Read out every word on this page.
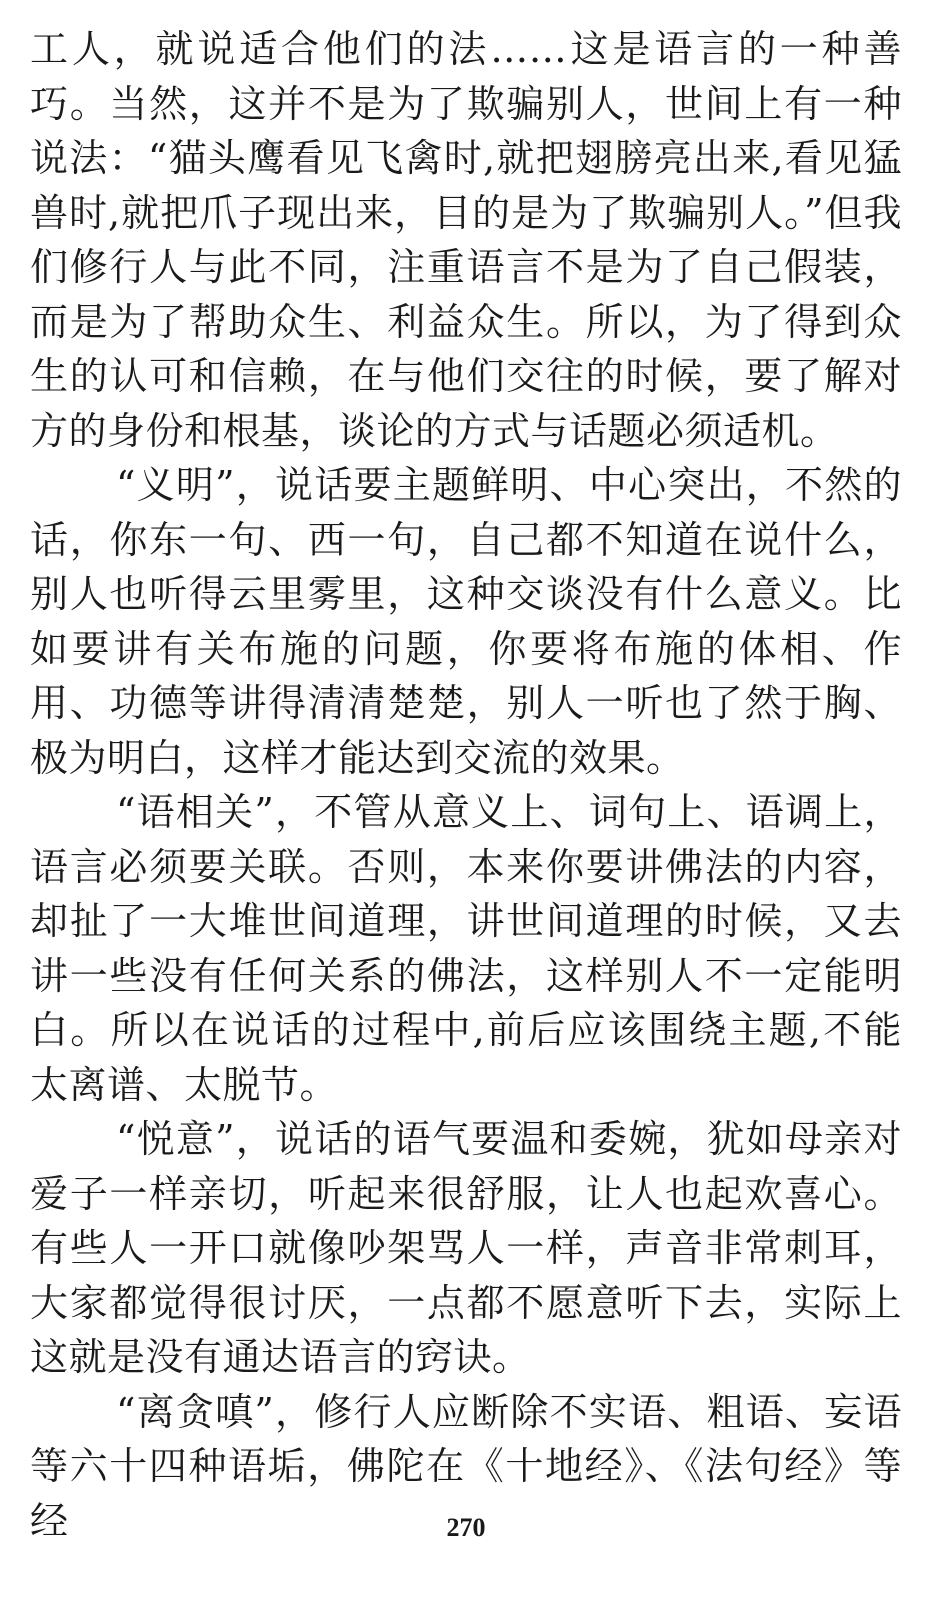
工人，就说适合他们的法……这是语言的一种善巧。当然，这并不是为了欺骗别人，世间上有一种说法：“猫头鹰看见飞禽时,就把翅膀亮出来,看见猛兽时,就把爪子现出来，目的是为了欺骗别人。”但我们修行人与此不同，注重语言不是为了自己假装，而是为了帮助众生、利益众生。所以，为了得到众生的认可和信赖，在与他们交往的时候，要了解对方的身份和根基，谈论的方式与话题必须适机。

“义明”，说话要主题鲜明、中心突出，不然的话，你东一句、西一句，自己都不知道在说什么，别人也听得云里雾里，这种交谈没有什么意义。比如要讲有关布施的问题，你要将布施的体相、作用、功德等讲得清清楚楚，别人一听也了然于胸、极为明白，这样才能达到交流的效果。

“语相关”，不管从意义上、词句上、语调上，语言必须要关联。否则，本来你要讲佛法的内容，却扯了一大堆世间道理，讲世间道理的时候，又去讲一些没有任何关系的佛法，这样别人不一定能明白。所以在说话的过程中,前后应该围绕主题,不能太离谱、太脱节。

“悦意”，说话的语气要温和委婉，犹如母亲对爱子一样亲切，听起来很舒服，让人也起欢喜心。有些人一开口就像吵架骂人一样，声音非常刺耳，大家都觉得很讨厌，一点都不愿意听下去，实际上这就是没有通达语言的窍诀。

“离贪嗔”，修行人应断除不实语、粗语、妄语等六十四种语垢，佛陀在《十地经》、《法句经》等经	270
